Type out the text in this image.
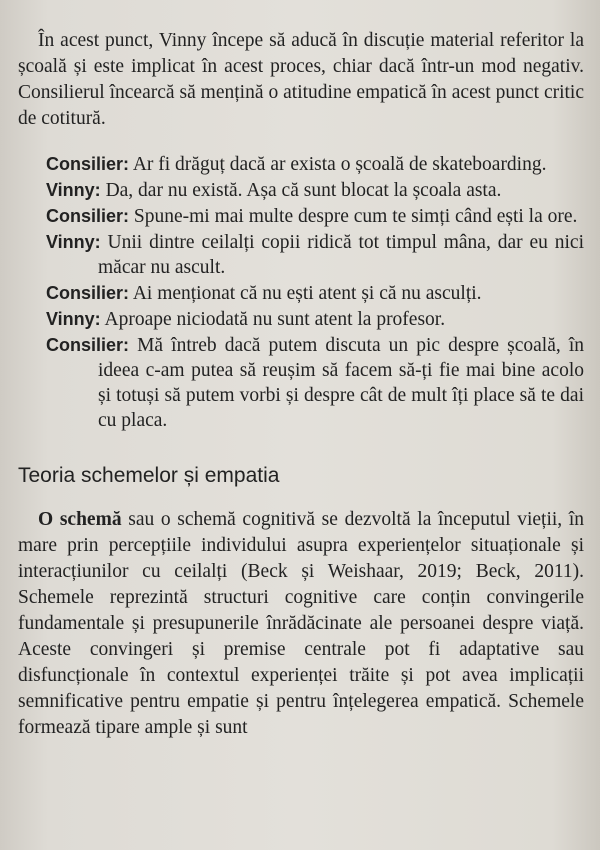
În acest punct, Vinny începe să aducă în discuție material referitor la școală și este implicat în acest proces, chiar dacă într-un mod negativ. Consilierul încearcă să mențină o atitudine empatică în acest punct critic de cotitură.

Consilier: Ar fi drăguț dacă ar exista o școală de skateboarding.

Vinny: Da, dar nu există. Așa că sunt blocat la școala asta.

Consilier: Spune-mi mai multe despre cum te simți când ești la ore.

Vinny: Unii dintre ceilalți copii ridică tot timpul mâna, dar eu nici măcar nu ascult.

Consilier: Ai menționat că nu ești atent și că nu asculți.

Vinny: Aproape niciodată nu sunt atent la profesor.

Consilier: Mă întreb dacă putem discuta un pic despre școală, în ideea c-am putea să reușim să facem să-ți fie mai bine acolo și totuși să putem vorbi și despre cât de mult îți place să te dai cu placa.

Teoria schemelor și empatia

O schemă sau o schemă cognitivă se dezvoltă la începutul vieții, în mare prin percepțiile individului asupra experiențelor situaționale și interacțiunilor cu ceilalți (Beck și Weishaar, 2019; Beck, 2011). Schemele reprezintă structuri cognitive care conțin convingerile fundamentale și presupunerile înrădăcinate ale persoanei despre viață. Aceste convingeri și premise centrale pot fi adaptative sau disfuncționale în contextul experienței trăite și pot avea implicații semnificative pentru empatie și pentru înțelegerea empatică. Schemele formează tipare ample și sunt
